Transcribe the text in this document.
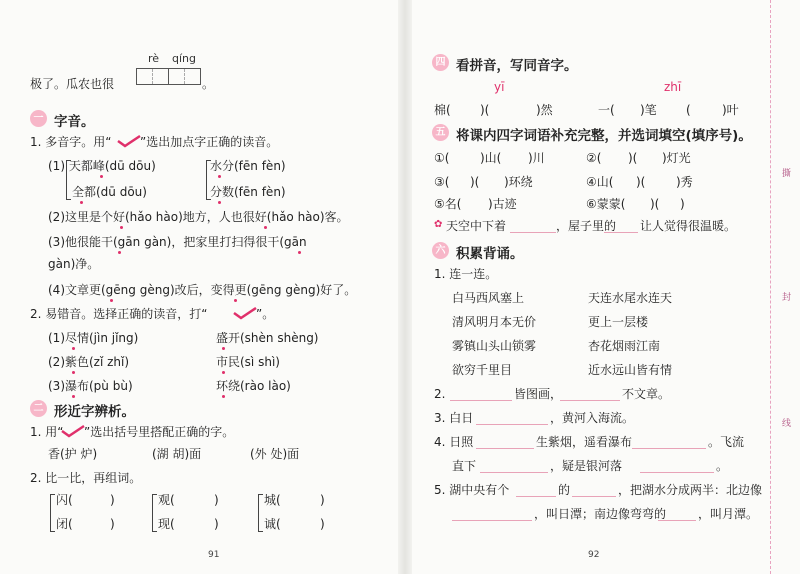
rè qíng
极了。瓜农也很	。
一 字音。
1. 多音字。用“ ”选出加点字正确的读音。
(1) 天都峰(dū dōu)	水分(fēn fèn)
全都(dū dōu)	分数(fēn fèn)
(2)这里是个好(hǎo hào)地方，人也很好(hǎo hào)客。
(3)他很能干(gān gàn)，把家里打扫得很干(gān
gàn)净。
(4)文章更(gēng gèng)改后，变得更(gēng gèng)好了。
2. 易错音。选择正确的读音，打“	”。
(1)尽情(jìn jǐng)	盛开(shèn shèng)
(2)紫色(zǐ zhǐ)	市民(sì shì)
(3)瀑布(pù bù)	环绕(rào lào)
二 形近字辨析。
1. 用“ ”选出括号里搭配正确的字。
香(护 炉)	(湖 胡)面	(外 处)面
2. 比一比，再组词。
闪(	)	观(	)	城(	)
闭(	)	现(	)	诚(	)
91
四 看拼音，写同音字。
yī	zhī
棉( )(	)然	一( )笔 (	)叶
五 将课内四字词语补充完整，并选词填空(填序号)。
①(	)山( )川	②( )( )灯光
③( )( )环绕	④山( )(	)秀
⑤名( )古迹	⑥蒙蒙( )( )
✿ 天空中下着	，屋子里的 让人觉得很温暖。
六 积累背诵。
1. 连一连。
白马西风塞上
清风明月本无价
雾镇山头山锁雾
欲穷千里目
天连水尾水连天
更上一层楼
杏花烟雨江南
近水远山皆有情
2.	皆图画，	不文章。
3. 白日	，黄河入海流。
4. 日照	生紫烟，遥看瀑布	。飞流
直下	，疑是银河落	。
5. 湖中央有个	的	，把湖水分成两半：北边像
，叫日潭；南边像弯弯的	，叫月潭。
92
撕
封
线
